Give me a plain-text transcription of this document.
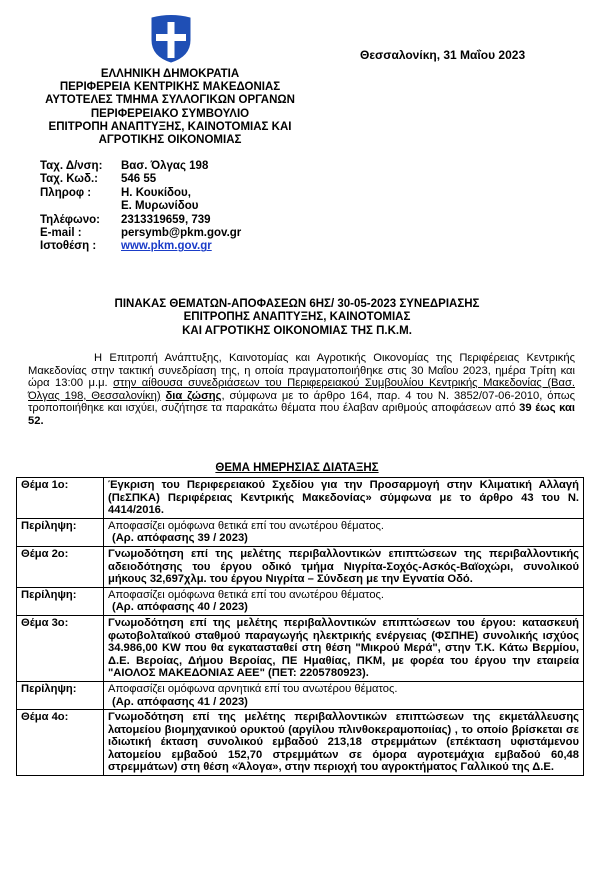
Θεσσαλονίκη, 31 Μαΐου 2023
ΕΛΛΗΝΙΚΗ ΔΗΜΟΚΡΑΤΙΑ
ΠΕΡΙΦΕΡΕΙΑ ΚΕΝΤΡΙΚΗΣ ΜΑΚΕΔΟΝΙΑΣ
ΑΥΤΟΤΕΛΕΣ ΤΜΗΜΑ ΣΥΛΛΟΓΙΚΩΝ ΟΡΓΑΝΩΝ
ΠΕΡΙΦΕΡΕΙΑΚΟ ΣΥΜΒΟΥΛΙΟ
ΕΠΙΤΡΟΠΗ ΑΝΑΠΤΥΞΗΣ, ΚΑΙΝΟΤΟΜΙΑΣ ΚΑΙ
ΑΓΡΟΤΙΚΗΣ ΟΙΚΟΝΟΜΙΑΣ
Ταχ. Δ/νση:	Βασ. Όλγας 198
Ταχ. Κωδ.:	546 55
Πληροφ :	Η. Κουκίδου,
Ε. Μυρωνίδου
Τηλέφωνο:	2313319659, 739
E-mail :	persymb@pkm.gov.gr
Ιστοθέση :	www.pkm.gov.gr
ΠΙΝΑΚΑΣ ΘΕΜΑΤΩΝ-ΑΠΟΦΑΣΕΩΝ 6ΗΣ/ 30-05-2023 ΣΥΝΕΔΡΙΑΣΗΣ
ΕΠΙΤΡΟΠΗΣ ΑΝΑΠΤΥΞΗΣ, ΚΑΙΝΟΤΟΜΙΑΣ
ΚΑΙ ΑΓΡΟΤΙΚΗΣ ΟΙΚΟΝΟΜΙΑΣ ΤΗΣ Π.Κ.Μ.
Η Επιτροπή Ανάπτυξης, Καινοτομίας και Αγροτικής Οικονομίας της Περιφέρειας Κεντρικής Μακεδονίας στην τακτική συνεδρίαση της, η οποία πραγματοποιήθηκε στις 30 Μαΐου 2023, ημέρα Τρίτη και ώρα 13:00 μ.μ. στην αίθουσα συνεδριάσεων του Περιφερειακού Συμβουλίου Κεντρικής Μακεδονίας (Βασ. Όλγας 198, Θεσσαλονίκη) δια ζώσης, σύμφωνα με το άρθρο 164, παρ. 4 του Ν. 3852/07-06-2010, όπως τροποποιήθηκε και ισχύει, συζήτησε τα παρακάτω θέματα που έλαβαν αριθμούς αποφάσεων από 39 έως και 52.
ΘΕΜΑ ΗΜΕΡΗΣΙΑΣ ΔΙΑΤΑΞΗΣ
Θέμα 1ο:	Έγκριση του Περιφερειακού Σχεδίου για την Προσαρμογή στην Κλιματική Αλλαγή (ΠεΣΠΚΑ) Περιφέρειας Κεντρικής Μακεδονίας» σύμφωνα με το άρθρο 43 του Ν. 4414/2016.
Περίληψη:	Αποφασίζει ομόφωνα θετικά επί του ανωτέρου θέματος.
(Αρ. απόφασης 39 / 2023)

Θέμα 2ο:	Γνωμοδότηση επί της μελέτης περιβαλλοντικών επιπτώσεων της περιβαλλοντικής αδειοδότησης του έργου οδικό τμήμα Νιγρίτα-Σοχός-Ασκός-Βαϊοχώρι, συνολικού μήκους 32,697χλμ. του έργου Νιγρίτα – Σύνδεση με την Εγνατία Οδό.
Περίληψη:	Αποφασίζει ομόφωνα θετικά επί του ανωτέρου θέματος.
(Αρ. απόφασης 40 / 2023)

Θέμα 3ο:	Γνωμοδότηση επί της μελέτης περιβαλλοντικών επιπτώσεων του έργου: κατασκευή φωτοβολταϊκού σταθμού παραγωγής ηλεκτρικής ενέργειας (ΦΣΠΗΕ) συνολικής ισχύος 34.986,00 KW που θα εγκατασταθεί στη θέση "Μικρού Μερά", στην Τ.Κ. Κάτω Βερμίου, Δ.Ε. Βεροίας, Δήμου Βεροίας, ΠΕ Ημαθίας, ΠΚΜ, με φορέα του έργου την εταιρεία "ΑΙΟΛΟΣ ΜΑΚΕΔΟΝΙΑΣ ΑΕΕ" (ΠΕΤ: 2205780923).
Περίληψη:	Αποφασίζει ομόφωνα αρνητικά επί του ανωτέρου θέματος.
(Αρ. απόφασης 41 / 2023)

Θέμα 4ο:	Γνωμοδότηση επί της μελέτης περιβαλλοντικών επιπτώσεων της εκμετάλλευσης λατομείου βιομηχανικού ορυκτού (αργίλου πλινθοκεραμοποιίας) , το οποίο βρίσκεται σε ιδιωτική έκταση συνολικού εμβαδού 213,18 στρεμμάτων (επέκταση υφιστάμενου λατομείου εμβαδού 152,70 στρεμμάτων σε όμορα αγροτεμάχια εμβαδού 60,48 στρεμμάτων) στη θέση «Άλογα», στην περιοχή του αγροκτήματος Γαλλικού της Δ.Ε.
